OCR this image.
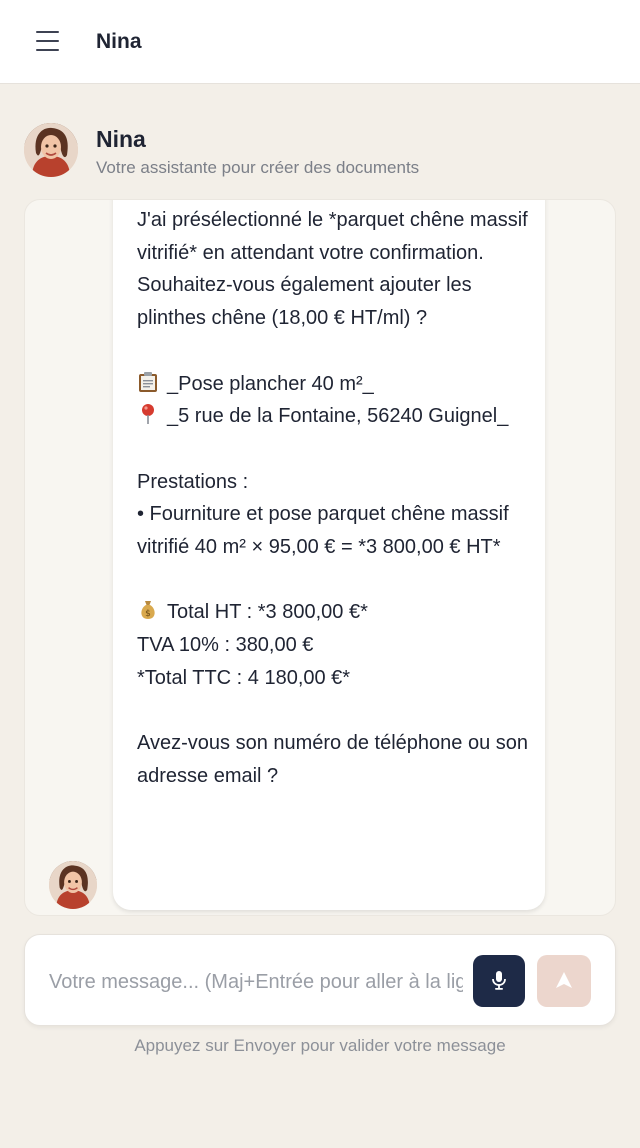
Nina
Nina
Votre assistante pour créer des documents

J'ai présélectionné le *parquet chêne massif vitrifié* en attendant votre confirmation. Souhaitez-vous également ajouter les plinthes chêne (18,00 € HT/ml) ?

_Pose plancher 40 m²_

_5 rue de la Fontaine, 56240 Guignel_

Prestations :

• Fourniture et pose parquet chêne massif vitrifié 40 m² × 95,00 € = *3 800,00 € HT*

$ Total HT : *3 800,00 €*

TVA 10% : 380,00 €

*Total TTC : 4 180,00 €*

Avez-vous son numéro de téléphone ou son adresse email ?

Votre message... (Maj+Entrée pour aller à la ligne)
Appuyez sur Envoyer pour valider votre message
